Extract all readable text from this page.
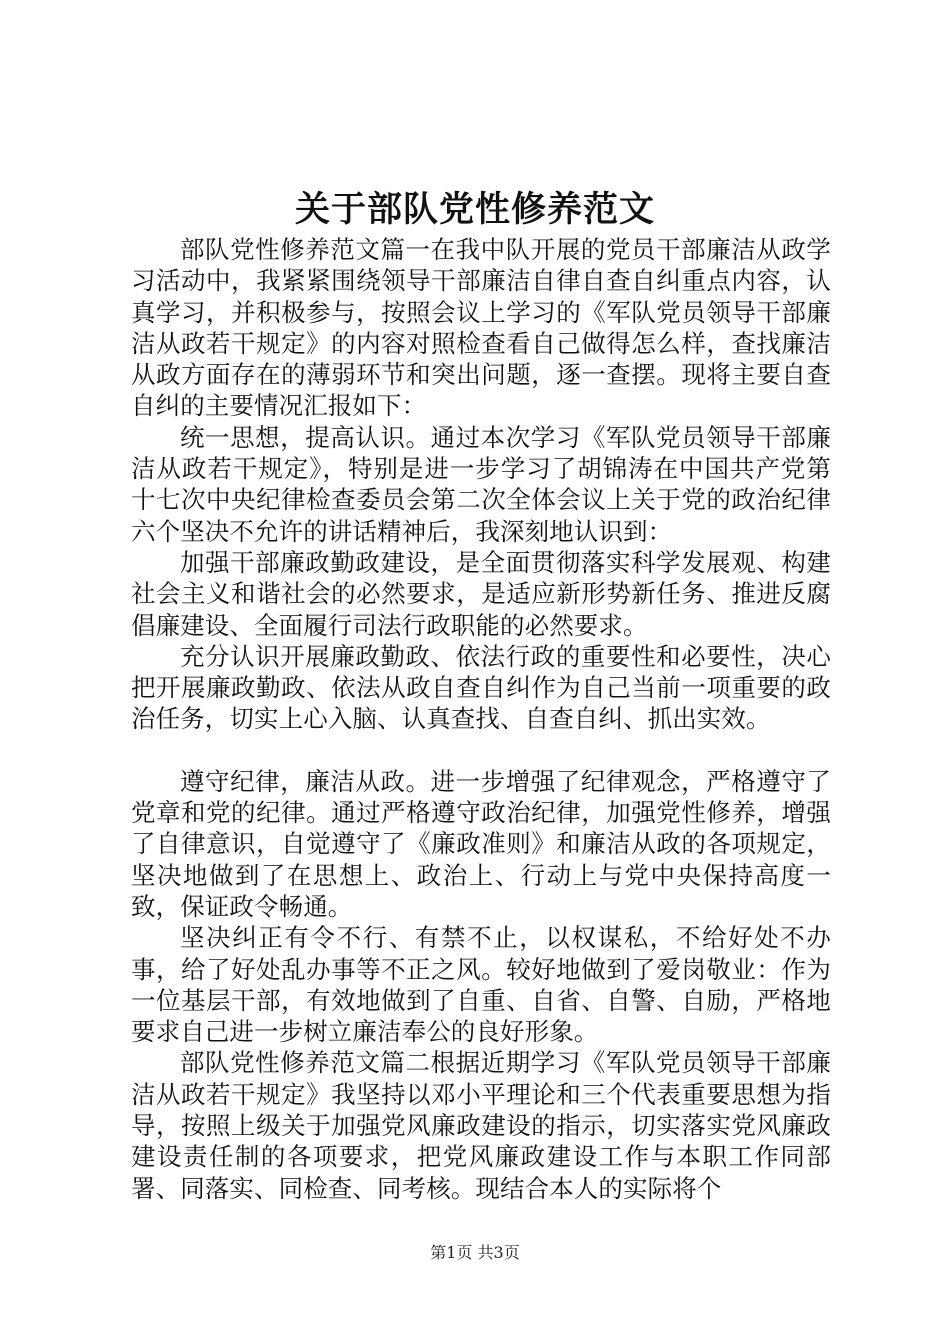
关于部队党性修养范文

部队党性修养范文篇一在我中队开展的党员干部廉洁从政学习活动中，我紧紧围绕领导干部廉洁自律自查自纠重点内容，认真学习，并积极参与，按照会议上学习的《军队党员领导干部廉洁从政若干规定》的内容对照检查看自己做得怎么样，查找廉洁从政方面存在的薄弱环节和突出问题，逐一查摆。现将主要自查自纠的主要情况汇报如下：

统一思想，提高认识。通过本次学习《军队党员领导干部廉洁从政若干规定》，特别是进一步学习了胡锦涛在中国共产党第十七次中央纪律检查委员会第二次全体会议上关于党的政治纪律六个坚决不允许的讲话精神后，我深刻地认识到：

加强干部廉政勤政建设，是全面贯彻落实科学发展观、构建社会主义和谐社会的必然要求，是适应新形势新任务、推进反腐倡廉建设、全面履行司法行政职能的必然要求。

充分认识开展廉政勤政、依法行政的重要性和必要性，决心把开展廉政勤政、依法从政自查自纠作为自己当前一项重要的政治任务，切实上心入脑、认真查找、自查自纠、抓出实效。

遵守纪律，廉洁从政。进一步增强了纪律观念，严格遵守了党章和党的纪律。通过严格遵守政治纪律，加强党性修养，增强了自律意识，自觉遵守了《廉政准则》和廉洁从政的各项规定，坚决地做到了在思想上、政治上、行动上与党中央保持高度一致，保证政令畅通。

坚决纠正有令不行、有禁不止，以权谋私，不给好处不办事，给了好处乱办事等不正之风。较好地做到了爱岗敬业：作为一位基层干部，有效地做到了自重、自省、自警、自励，严格地要求自己进一步树立廉洁奉公的良好形象。

部队党性修养范文篇二根据近期学习《军队党员领导干部廉洁从政若干规定》我坚持以邓小平理论和三个代表重要思想为指导，按照上级关于加强党风廉政建设的指示，切实落实党风廉政建设责任制的各项要求，把党风廉政建设工作与本职工作同部署、同落实、同检查、同考核。现结合本人的实际将个

第1页 共3页
